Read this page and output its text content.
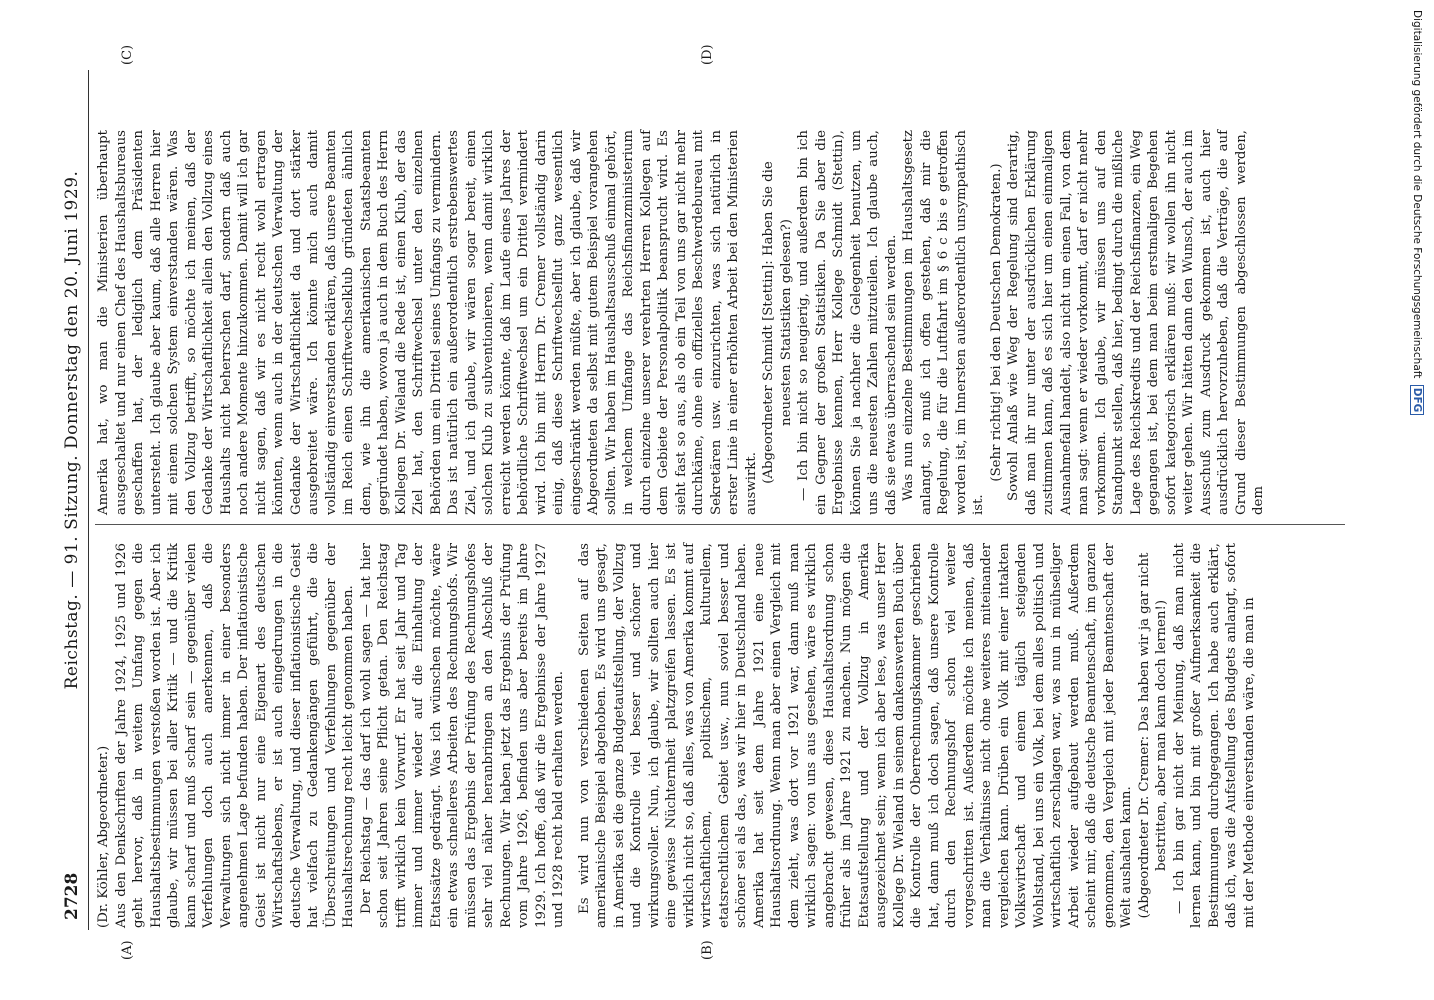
2728
Reichstag. — 91. Sitzung. Donnerstag den 20. Juni 1929.
(A)	(B)
(C)	(D)

(Dr. Köhler, Abgeordneter.) Aus den Denkschriften der Jahre 1924, 1925 und 1926 geht hervor, daß in weitem Umfang gegen die Haushaltsbestimmungen verstoßen worden ist. Aber ich glaube, wir müssen bei aller Kritik — und die Kritik kann scharf und muß scharf sein — gegenüber vielen Verfehlungen doch auch anerkennen, daß die Verwaltungen sich nicht immer in einer besonders angenehmen Lage befunden haben. Der inflationistische Geist ist nicht nur eine Eigenart des deutschen Wirtschaftslebens, er ist auch eingedrungen in die deutsche Verwaltung, und dieser inflationistische Geist hat vielfach zu Gedankengängen geführt, die die Überschreitungen und Verfehlungen gegenüber der Haushaltsrechnung recht leicht genommen haben. Der Reichstag — das darf ich wohl sagen — hat hier schon seit Jahren seine Pflicht getan. Den Reichstag trifft wirklich kein Vorwurf. Er hat seit Jahr und Tag immer und immer wieder auf die Einhaltung der Etatssätze gedrängt. Was ich wünschen möchte, wäre ein etwas schnelleres Arbeiten des Rechnungshofs. Wir müssen das Ergebnis der Prüfung des Rechnungshofes sehr viel näher heranbringen an den Abschluß der Rechnungen. Wir haben jetzt das Ergebnis der Prüfung vom Jahre 1926, befinden uns aber bereits im Jahre 1929. Ich hoffe, daß wir die Ergebnisse der Jahre 1927 und 1928 recht bald erhalten werden. Es wird nun von verschiedenen Seiten auf das amerikanische Beispiel abgehoben. Es wird uns gesagt, in Amerika sei die ganze Budgetaufstellung, der Vollzug und die Kontrolle viel besser und schöner und wirkungsvoller. Nun, ich glaube, wir sollten auch hier eine gewisse Nüchternheit platzgreifen lassen. Es ist wirklich nicht so, daß alles, was von Amerika kommt auf wirtschaftlichem, politischem, kulturellem, etatsrechtlichem Gebiet usw., nun soviel besser und schöner sei als das, was wir hier in Deutschland haben. Amerika hat seit dem Jahre 1921 eine neue Haushaltsordnung. Wenn man aber einen Vergleich mit dem zieht, was dort vor 1921 war, dann muß man wirklich sagen: von uns aus gesehen, wäre es wirklich angebracht gewesen, diese Haushaltsordnung schon früher als im Jahre 1921 zu machen. Nun mögen die Etatsaufstellung und der Vollzug in Amerika ausgezeichnet sein; wenn ich aber lese, was unser Herr Kollege Dr. Wieland in seinem dankenswerten Buch über die Kontrolle der Oberrechnungskammer geschrieben hat, dann muß ich doch sagen, daß unsere Kontrolle durch den Rechnungshof schon viel weiter vorgeschritten ist. Außerdem möchte ich meinen, daß man die Verhältnisse nicht ohne weiteres miteinander vergleichen kann. Drüben ein Volk mit einer intakten Volkswirtschaft und einem täglich steigenden Wohlstand, bei uns ein Volk, bei dem alles politisch und wirtschaftlich zerschlagen war, was nun in mühseliger Arbeit wieder aufgebaut werden muß. Außerdem scheint mir, daß die deutsche Beamtenschaft, im ganzen genommen, den Vergleich mit jeder Beamtenschaft der Welt aushalten kann. (Abgeordneter Dr. Cremer: Das haben wir ja gar nicht bestritten, aber man kann doch lernen!) — Ich bin gar nicht der Meinung, daß man nicht lernen kann, und bin mit großer Aufmerksamkeit die Bestimmungen durchgegangen. Ich habe auch erklärt, daß ich, was die Aufstellung des Budgets anlangt, sofort mit der Methode einverstanden wäre, die man in

Amerika hat, wo man die Ministerien überhaupt ausgeschaltet und nur einen Chef des Haushaltsbureaus geschaffen hat, der lediglich dem Präsidenten untersteht. Ich glaube aber kaum, daß alle Herren hier mit einem solchen System einverstanden wären. Was den Vollzug betrifft, so möchte ich meinen, daß der Gedanke der Wirtschaftlichkeit allein den Vollzug eines Haushalts nicht beherrschen darf, sondern daß auch noch andere Momente hinzukommen. Damit will ich gar nicht sagen, daß wir es nicht recht wohl ertragen könnten, wenn auch in der deutschen Verwaltung der Gedanke der Wirtschaftlichkeit da und dort stärker ausgebreitet wäre. Ich könnte mich auch damit vollständig einverstanden erklären, daß unsere Beamten im Reich einen Schriftwechselklub gründeten ähnlich dem, wie ihn die amerikanischen Staatsbeamten gegründet haben, wovon ja auch in dem Buch des Herrn Kollegen Dr. Wieland die Rede ist, einen Klub, der das Ziel hat, den Schriftwechsel unter den einzelnen Behörden um ein Drittel seines Umfangs zu vermindern. Das ist natürlich ein außerordentlich erstrebenswertes Ziel, und ich glaube, wir wären sogar bereit, einen solchen Klub zu subventionieren, wenn damit wirklich erreicht werden könnte, daß im Laufe eines Jahres der behördliche Schriftwechsel um ein Drittel vermindert wird. Ich bin mit Herrn Dr. Cremer vollständig darin einig, daß diese Schriftwechselflut ganz wesentlich eingeschränkt werden müßte, aber ich glaube, daß wir Abgeordneten da selbst mit gutem Beispiel vorangehen sollten. Wir haben im Haushaltsausschuß einmal gehört, in welchem Umfange das Reichsfinanzministerium durch einzelne unserer verehrten Herren Kollegen auf dem Gebiete der Personalpolitik beansprucht wird. Es sieht fast so aus, als ob ein Teil von uns gar nicht mehr durchkäme, ohne ein offizielles Beschwerdebureau mit Sekretären usw. einzurichten, was sich natürlich in erster Linie in einer erhöhten Arbeit bei den Ministerien auswirkt. (Abgeordneter Schmidt [Stettin]: Haben Sie die neuesten Statistiken gelesen?) — Ich bin nicht so neugierig, und außerdem bin ich ein Gegner der großen Statistiken. Da Sie aber die Ergebnisse kennen, Herr Kollege Schmidt (Stettin), können Sie ja nachher die Gelegenheit benutzen, um uns die neuesten Zahlen mitzuteilen. Ich glaube auch, daß sie etwas überraschend sein werden. Was nun einzelne Bestimmungen im Haushaltsgesetz anlangt, so muß ich offen gestehen, daß mir die Regelung, die für die Luftfahrt im § 6 c bis e getroffen worden ist, im Innersten außerordentlich unsympathisch ist.

(Sehr richtig! bei den Deutschen Demokraten.) Sowohl Anlaß wie Weg der Regelung sind derartig, daß man ihr nur unter der ausdrücklichen Erklärung zustimmen kann, daß es sich hier um einen einmaligen Ausnahmefall handelt, also nicht um einen Fall, von dem man sagt: wenn er wieder vorkommt, darf er nicht mehr vorkommen. Ich glaube, wir müssen uns auf den Standpunkt stellen, daß hier, bedingt durch die mißliche Lage des Reichskredits und der Reichsfinanzen, ein Weg gegangen ist, bei dem man beim erstmaligen Begehen sofort kategorisch erklären muß: wir wollen ihn nicht weiter gehen. Wir hätten dann den Wunsch, der auch im Ausschuß zum Ausdruck gekommen ist, auch hier ausdrücklich hervorzuheben, daß die Verträge, die auf Grund dieser Bestimmungen abgeschlossen werden, dem

Digitalisierung gefördert durch die Deutsche Forschungsgemeinschaft DFG
